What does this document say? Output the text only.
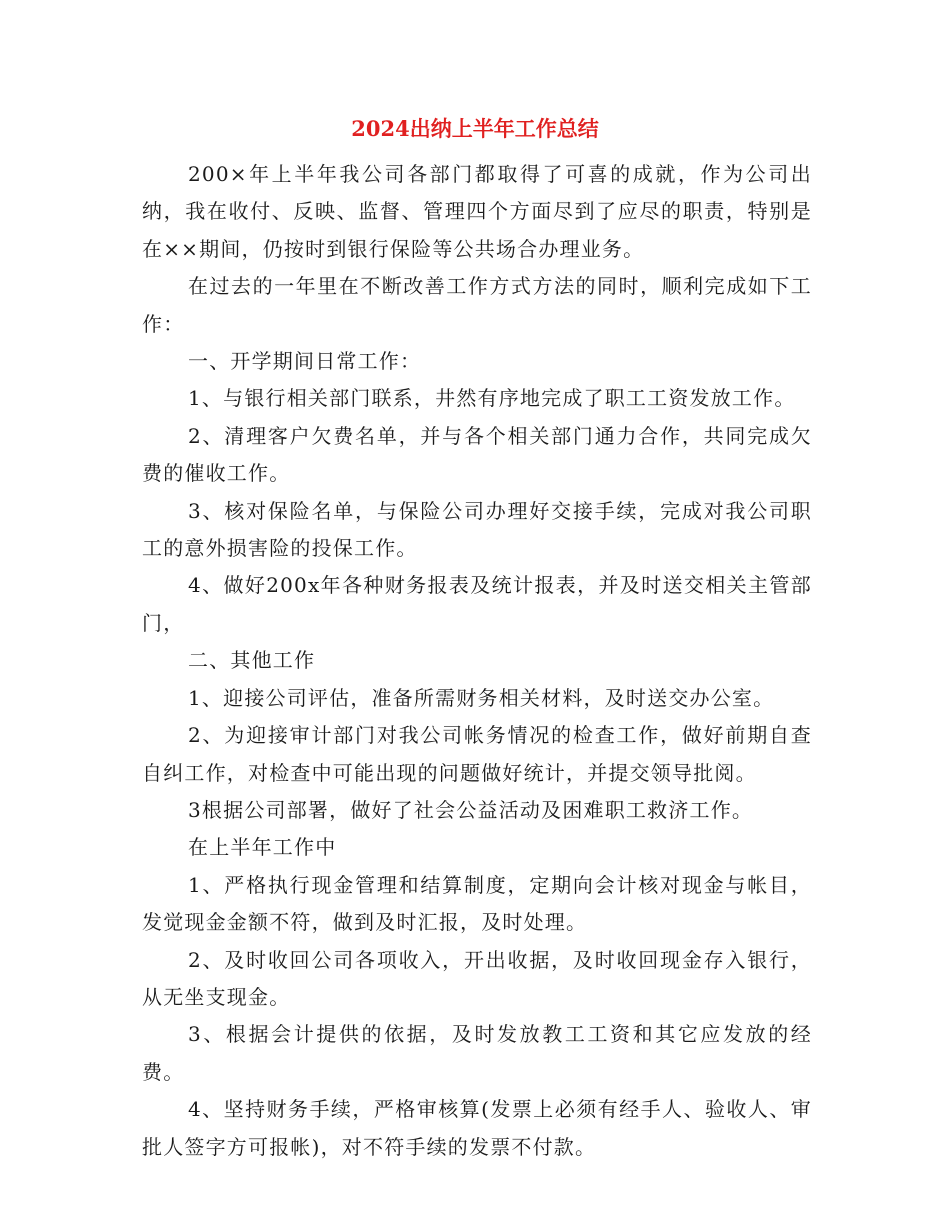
2024出纳上半年工作总结

200×年上半年我公司各部门都取得了可喜的成就，作为公司出纳，我在收付、反映、监督、管理四个方面尽到了应尽的职责，特别是在××期间，仍按时到银行保险等公共场合办理业务。

在过去的一年里在不断改善工作方式方法的同时，顺利完成如下工作：

一、开学期间日常工作：

1、与银行相关部门联系，井然有序地完成了职工工资发放工作。

2、清理客户欠费名单，并与各个相关部门通力合作，共同完成欠费的催收工作。

3、核对保险名单，与保险公司办理好交接手续，完成对我公司职工的意外损害险的投保工作。

4、做好200x年各种财务报表及统计报表，并及时送交相关主管部门，

二、其他工作

1、迎接公司评估，准备所需财务相关材料，及时送交办公室。

2、为迎接审计部门对我公司帐务情况的检查工作，做好前期自查自纠工作，对检查中可能出现的问题做好统计，并提交领导批阅。

3根据公司部署，做好了社会公益活动及困难职工救济工作。

在上半年工作中

1、严格执行现金管理和结算制度，定期向会计核对现金与帐目，发觉现金金额不符，做到及时汇报，及时处理。

2、及时收回公司各项收入，开出收据，及时收回现金存入银行，从无坐支现金。

3、根据会计提供的依据，及时发放教工工资和其它应发放的经费。

4、坚持财务手续，严格审核算(发票上必须有经手人、验收人、审批人签字方可报帐)，对不符手续的发票不付款。
